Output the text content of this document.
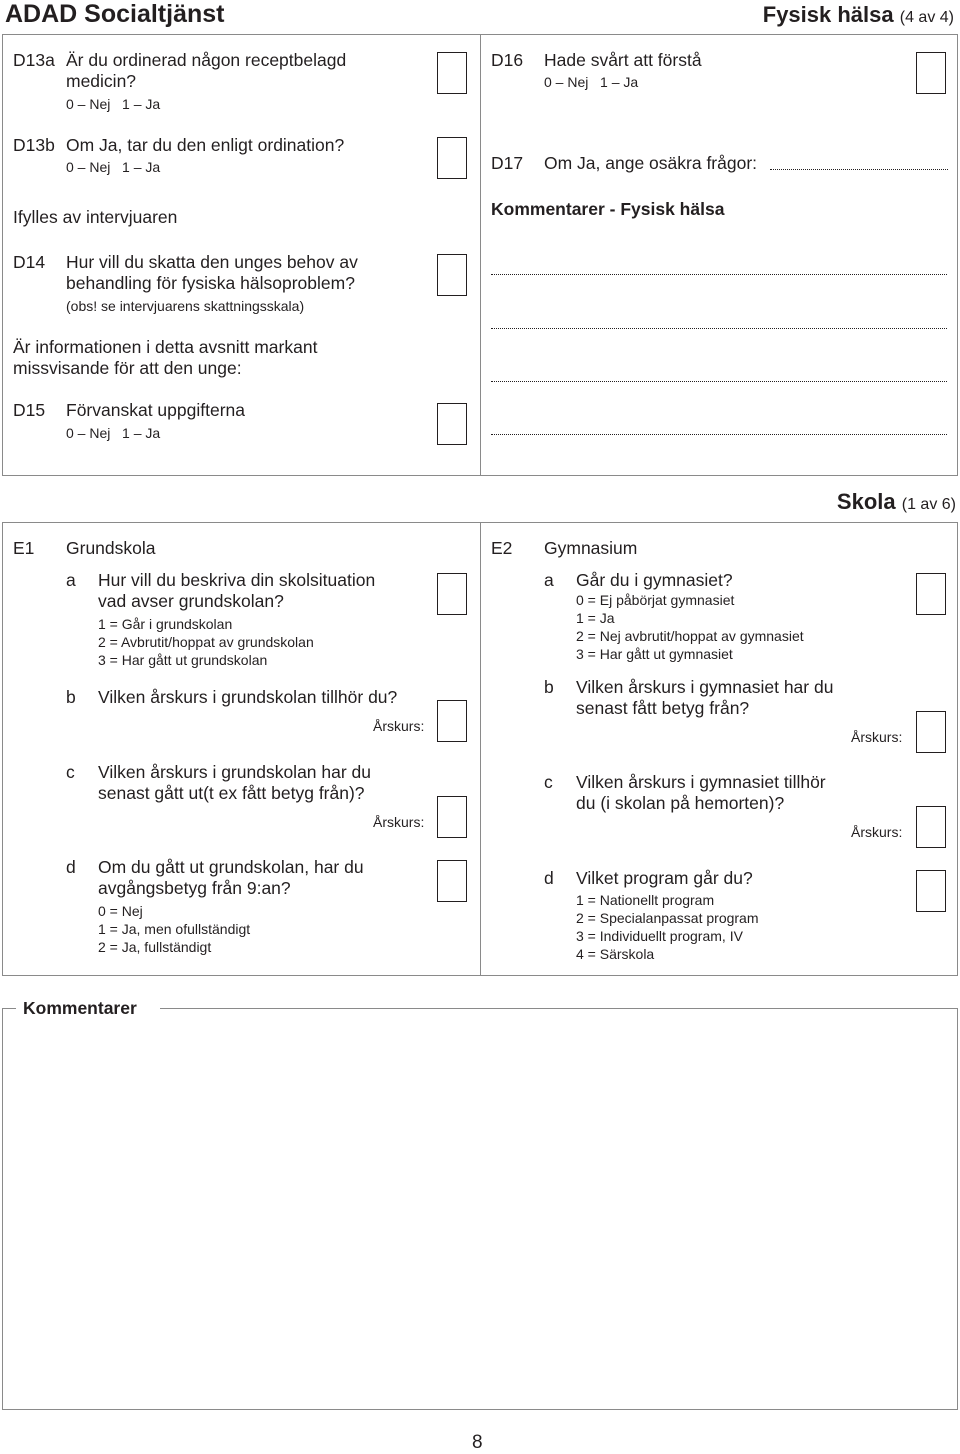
ADAD Socialtjänst	Fysisk hälsa (4 av 4)
D13a Är du ordinerad någon receptbelagd
medicin?
0 – Nej   1 – Ja
D13b Om Ja, tar du den enligt ordination?
0 – Nej   1 – Ja
Ifylles av intervjuaren
D14 Hur vill du skatta den unges behov av
behandling för fysiska hälsoproblem?
(obs! se intervjuarens skattningsskala)
Är informationen i detta avsnitt markant
missvisande för att den unge:
D15 Förvanskat uppgifterna
0 – Nej   1 – Ja
D16 Hade svårt att förstå
0 – Nej   1 – Ja
D17 Om Ja, ange osäkra frågor:
Kommentarer - Fysisk hälsa
Skola (1 av 6)
E1 Grundskola
a Hur vill du beskriva din skolsituation
vad avser grundskolan?
1 = Går i grundskolan
2 = Avbrutit/hoppat av grundskolan
3 = Har gått ut grundskolan
b Vilken årskurs i grundskolan tillhör du?
Årskurs:
c Vilken årskurs i grundskolan har du
senast gått ut(t ex fått betyg från)?
Årskurs:
d Om du gått ut grundskolan, har du
avgångsbetyg från 9:an?
0 = Nej
1 = Ja, men ofullständigt
2 = Ja, fullständigt
E2 Gymnasium
a Går du i gymnasiet?
0 = Ej påbörjat gymnasiet
1 = Ja
2 = Nej avbrutit/hoppat av gymnasiet
3 = Har gått ut gymnasiet
b Vilken årskurs i gymnasiet har du
senast fått betyg från?
Årskurs:
c Vilken årskurs i gymnasiet tillhör
du (i skolan på hemorten)?
Årskurs:
d Vilket program går du?
1 = Nationellt program
2 = Specialanpassat program
3 = Individuellt program, IV
4 = Särskola
Kommentarer
8
